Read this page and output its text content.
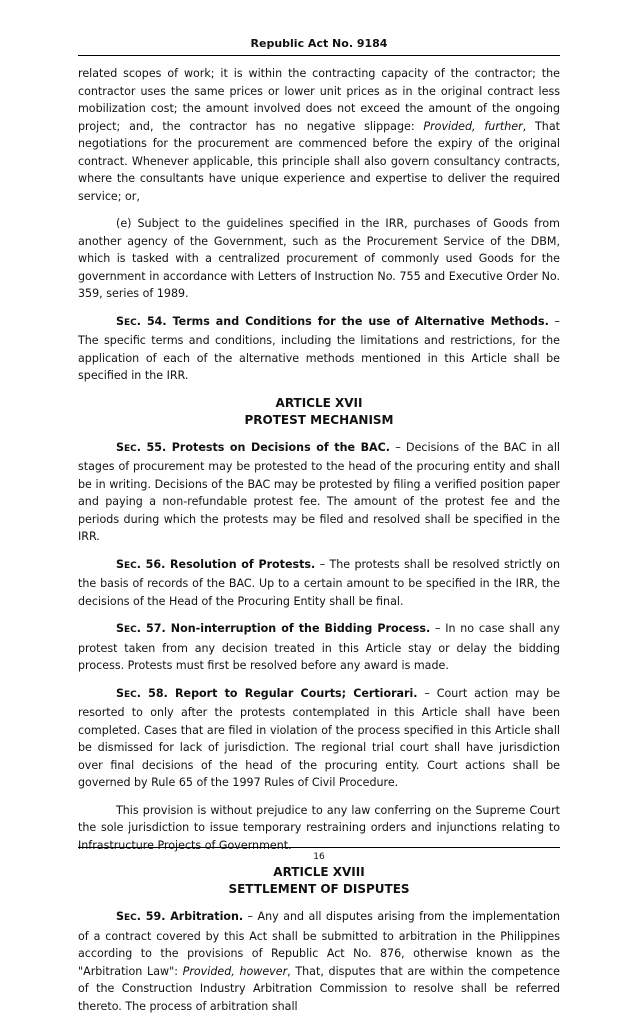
Republic Act No. 9184

related scopes of work; it is within the contracting capacity of the contractor; the contractor uses the same prices or lower unit prices as in the original contract less mobilization cost; the amount involved does not exceed the amount of the ongoing project; and, the contractor has no negative slippage: Provided, further, That negotiations for the procurement are commenced before the expiry of the original contract. Whenever applicable, this principle shall also govern consultancy contracts, where the consultants have unique experience and expertise to deliver the required service; or,

(e) Subject to the guidelines specified in the IRR, purchases of Goods from another agency of the Government, such as the Procurement Service of the DBM, which is tasked with a centralized procurement of commonly used Goods for the government in accordance with Letters of Instruction No. 755 and Executive Order No. 359, series of 1989.

SEC. 54. Terms and Conditions for the use of Alternative Methods. – The specific terms and conditions, including the limitations and restrictions, for the application of each of the alternative methods mentioned in this Article shall be specified in the IRR.

ARTICLE XVII
PROTEST MECHANISM

SEC. 55. Protests on Decisions of the BAC. – Decisions of the BAC in all stages of procurement may be protested to the head of the procuring entity and shall be in writing. Decisions of the BAC may be protested by filing a verified position paper and paying a non-refundable protest fee. The amount of the protest fee and the periods during which the protests may be filed and resolved shall be specified in the IRR.

SEC. 56. Resolution of Protests. – The protests shall be resolved strictly on the basis of records of the BAC. Up to a certain amount to be specified in the IRR, the decisions of the Head of the Procuring Entity shall be final.

SEC. 57. Non-interruption of the Bidding Process. – In no case shall any protest taken from any decision treated in this Article stay or delay the bidding process. Protests must first be resolved before any award is made.

SEC. 58. Report to Regular Courts; Certiorari. – Court action may be resorted to only after the protests contemplated in this Article shall have been completed. Cases that are filed in violation of the process specified in this Article shall be dismissed for lack of jurisdiction. The regional trial court shall have jurisdiction over final decisions of the head of the procuring entity. Court actions shall be governed by Rule 65 of the 1997 Rules of Civil Procedure.

This provision is without prejudice to any law conferring on the Supreme Court the sole jurisdiction to issue temporary restraining orders and injunctions relating to Infrastructure Projects of Government.

ARTICLE XVIII
SETTLEMENT OF DISPUTES

SEC. 59. Arbitration. – Any and all disputes arising from the implementation of a contract covered by this Act shall be submitted to arbitration in the Philippines according to the provisions of Republic Act No. 876, otherwise known as the "Arbitration Law": Provided, however, That, disputes that are within the competence of the Construction Industry Arbitration Commission to resolve shall be referred thereto. The process of arbitration shall

16
